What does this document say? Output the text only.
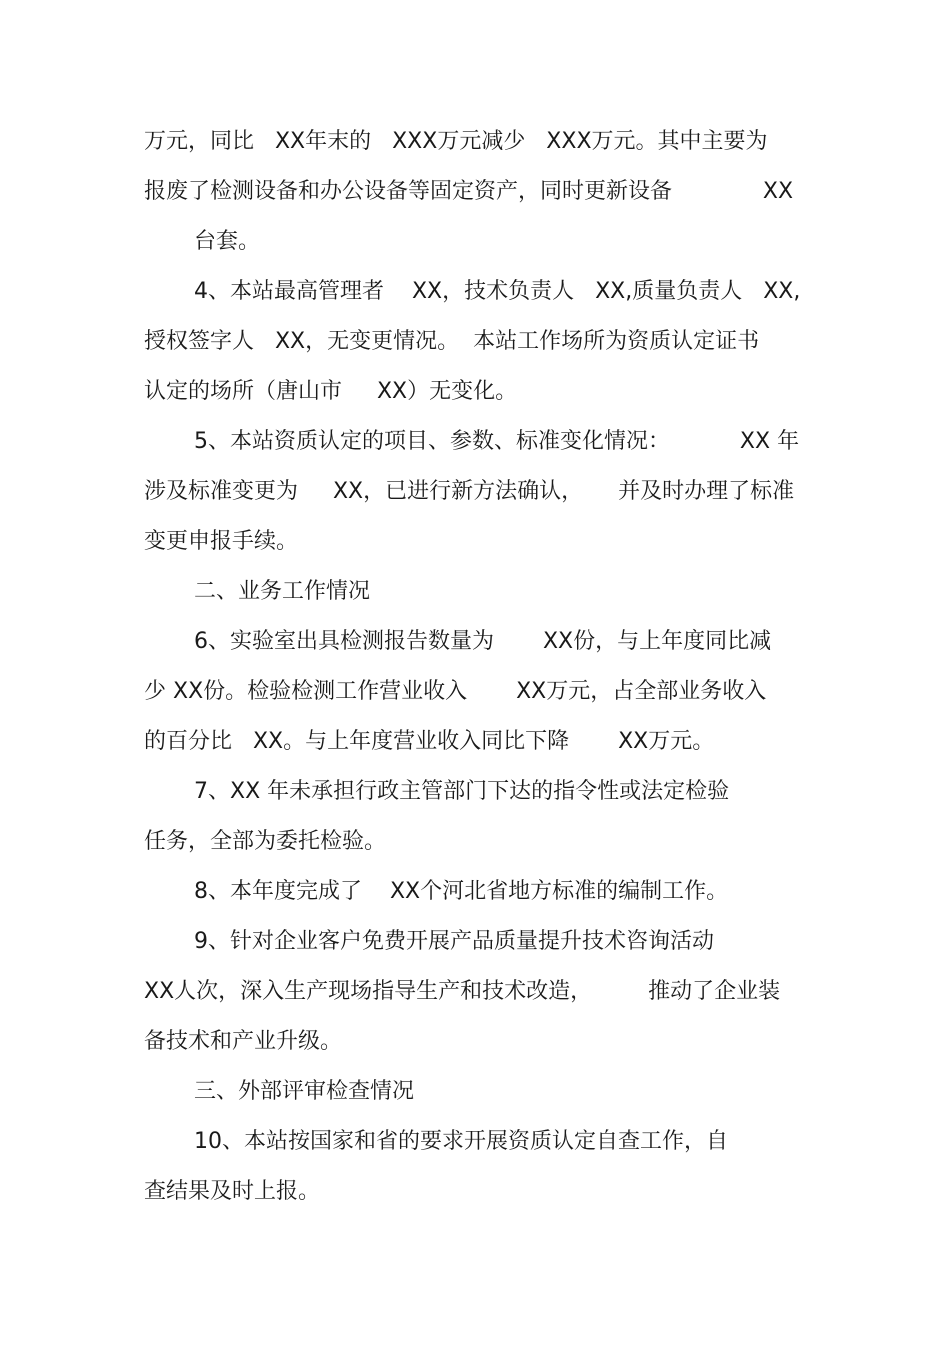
万元，同比   XX年末的   XXX万元减少   XXX万元。其中主要为
报废了检测设备和办公设备等固定资产，同时更新设备             XX
台套。
4、本站最高管理者    XX，技术负责人   XX,质量负责人   XX,
授权签字人   XX，无变更情况。  本站工作场所为资质认定证书
认定的场所（唐山市     XX）无变化。
5、本站资质认定的项目、参数、标准变化情况：          XX 年
涉及标准变更为     XX，已进行新方法确认，     并及时办理了标准
变更申报手续。
二、业务工作情况
6、实验室出具检测报告数量为       XX份，与上年度同比减
少 XX份。检验检测工作营业收入       XX万元，占全部业务收入
的百分比   XX。与上年度营业收入同比下降       XX万元。
7、XX 年未承担行政主管部门下达的指令性或法定检验
任务，全部为委托检验。
8、本年度完成了    XX个河北省地方标准的编制工作。
9、针对企业客户免费开展产品质量提升技术咨询活动
XX人次，深入生产现场指导生产和技术改造，        推动了企业装
备技术和产业升级。
三、外部评审检查情况
10、本站按国家和省的要求开展资质认定自查工作，自
查结果及时上报。
